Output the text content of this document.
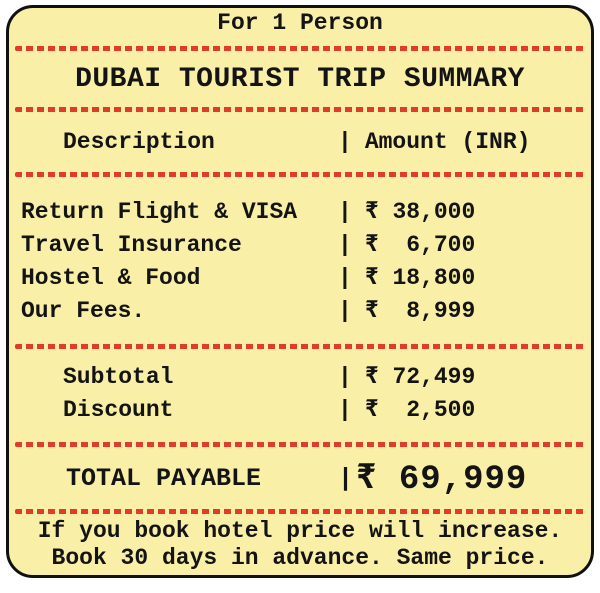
For 1 Person
DUBAI TOURIST TRIP SUMMARY
Description	| Amount (INR)
Return Flight & VISA	| ₹ 38,000
Travel Insurance	| ₹  6,700
Hostel & Food	| ₹ 18,800
Our Fees.	| ₹  8,999
Subtotal	| ₹ 72,499
Discount	| ₹  2,500
TOTAL PAYABLE	| ₹ 69,999
If you book hotel price will increase.
Book 30 days in advance. Same price.
